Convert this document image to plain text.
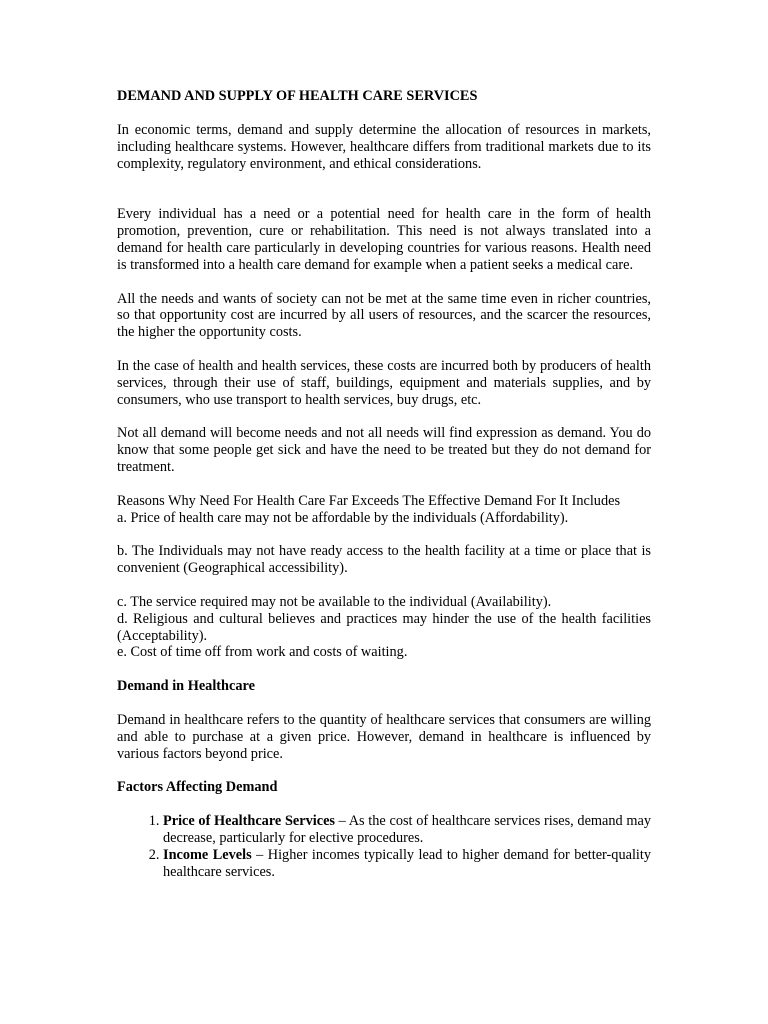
DEMAND AND SUPPLY OF HEALTH CARE SERVICES

In economic terms, demand and supply determine the allocation of resources in markets, including healthcare systems. However, healthcare differs from traditional markets due to its complexity, regulatory environment, and ethical considerations.

Every individual has a need or a potential need for health care in the form of health promotion, prevention, cure or rehabilitation. This need is not always translated into a demand for health care particularly in developing countries for various reasons. Health need is transformed into a health care demand for example when a patient seeks a medical care.

All the needs and wants of society can not be met at the same time even in richer countries, so that opportunity cost are incurred by all users of resources, and the scarcer the resources, the higher the opportunity costs.

In the case of health and health services, these costs are incurred both by producers of health services, through their use of staff, buildings, equipment and materials supplies, and by consumers, who use transport to health services, buy drugs, etc.

Not all demand will become needs and not all needs will find expression as demand. You do know that some people get sick and have the need to be treated but they do not demand for treatment.

Reasons Why Need For Health Care Far Exceeds The Effective Demand For It Includes

a. Price of health care may not be affordable by the individuals (Affordability).

b. The Individuals may not have ready access to the health facility at a time or place that is convenient (Geographical accessibility).

c. The service required may not be available to the individual (Availability).

d. Religious and cultural believes and practices may hinder the use of the health facilities (Acceptability).

e. Cost of time off from work and costs of waiting.

Demand in Healthcare

Demand in healthcare refers to the quantity of healthcare services that consumers are willing and able to purchase at a given price. However, demand in healthcare is influenced by various factors beyond price.

Factors Affecting Demand
1. Price of Healthcare Services – As the cost of healthcare services rises, demand may decrease, particularly for elective procedures.
2. Income Levels – Higher incomes typically lead to higher demand for better-quality healthcare services.
